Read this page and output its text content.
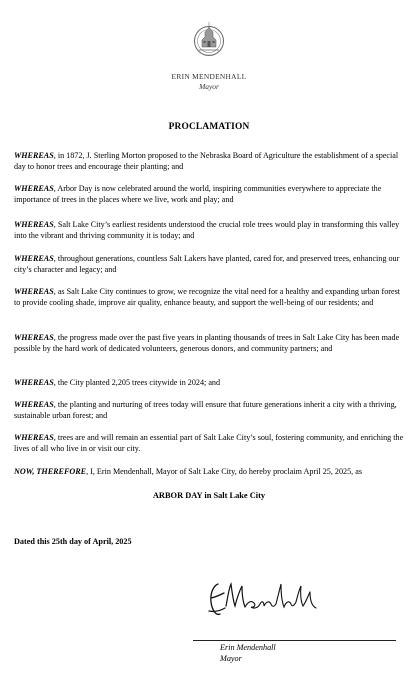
ERIN MENDENHALL
Mayor
PROCLAMATION

WHEREAS, in 1872, J. Sterling Morton proposed to the Nebraska Board of Agriculture the establishment of a special day to honor trees and encourage their planting; and

WHEREAS, Arbor Day is now celebrated around the world, inspiring communities everywhere to appreciate the importance of trees in the places where we live, work and play; and

WHEREAS, Salt Lake City’s earliest residents understood the crucial role trees would play in transforming this valley into the vibrant and thriving community it is today; and

WHEREAS, throughout generations, countless Salt Lakers have planted, cared for, and preserved trees, enhancing our city’s character and legacy; and

WHEREAS, as Salt Lake City continues to grow, we recognize the vital need for a healthy and expanding urban forest to provide cooling shade, improve air quality, enhance beauty, and support the well-being of our residents; and

WHEREAS, the progress made over the past five years in planting thousands of trees in Salt Lake City has been made possible by the hard work of dedicated volunteers, generous donors, and community partners; and

WHEREAS, the City planted 2,205 trees citywide in 2024; and

WHEREAS, the planting and nurturing of trees today will ensure that future generations inherit a city with a thriving, sustainable urban forest; and

WHEREAS, trees are and will remain an essential part of Salt Lake City’s soul, fostering community, and enriching the lives of all who live in or visit our city.

NOW, THEREFORE, I, Erin Mendenhall, Mayor of Salt Lake City, do hereby proclaim April 25, 2025, as

ARBOR DAY in Salt Lake City
Dated this 25th day of April, 2025
Erin Mendenhall
Mayor
